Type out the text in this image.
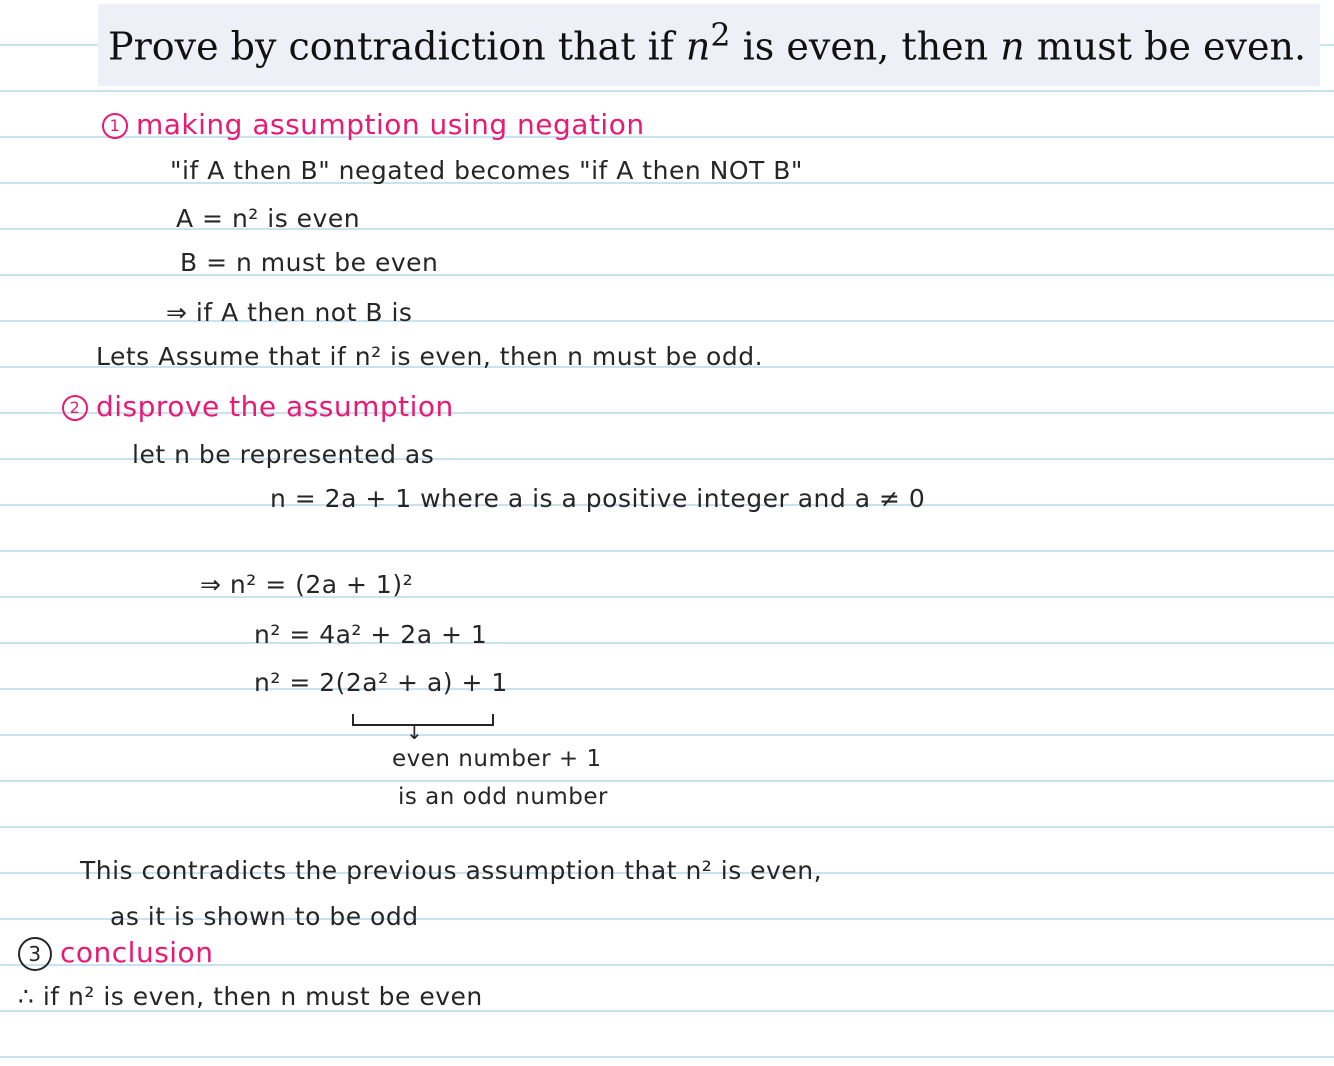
Prove by contradiction that if $n^2$ is even, then n must be even.
1 making assumption using negation
"if A then B" negated becomes "if A then NOT B"
A = n² is even
B = n must be even
⇒ if A then not B is
Lets Assume that if n² is even, then n must be odd.
2 disprove the assumption
let n be represented as
n = 2a + 1 where a is a positive integer and a ≠ 0
⇒ n² = (2a + 1)²
n² = 4a² + 2a + 1
n² = 2(2a² + a) + 1
↓
even number + 1
is an odd number
This contradicts the previous assumption that n² is even,
as it is shown to be odd
3 conclusion
∴ if n² is even, then n must be even
